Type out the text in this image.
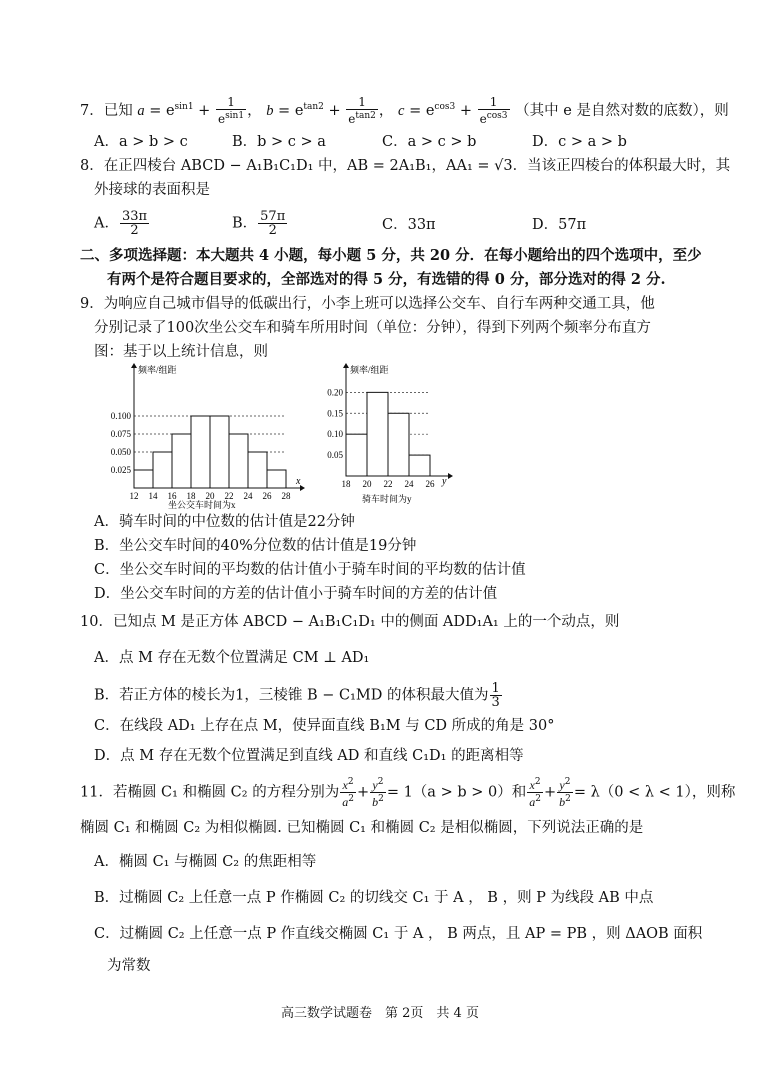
7．已知 $a = e^{sin1} + \frac{1}{e^{sin1}}$ ， $b = e^{tan2} + \frac{1}{e^{tan2}}$ ， $c = e^{cos3} + \frac{1}{e^{cos3}}$ （其中 e 是自然对数的底数），则
A．a > b > c	B．b > c > a	C．a > c > b	D．c > a > b
8．在正四棱台 ABCD − A₁B₁C₁D₁ 中，AB = 2A₁B₁，AA₁ = √3．当该正四棱台的体积最大时，其
外接球的表面积是
A． $\frac{33\pi}{2}$	B． $\frac{57\pi}{2}$	C．33π	D．57π
二、多项选择题：本大题共 4 小题，每小题 5 分，共 20 分．在每小题给出的四个选项中，至少
有两个是符合题目要求的，全部选对的得 5 分，有选错的得 0 分，部分选对的得 2 分.
9．为响应自己城市倡导的低碳出行，小李上班可以选择公交车、自行车两种交通工具，他
分别记录了100次坐公交车和骑车所用时间（单位：分钟），得到下列两个频率分布直方
图：基于以上统计信息，则
0.025
0.050
0.075
0.100
12 14 16 18 20 22 24 26 28
频率/组距
x
坐公交车时间为x
0.05
0.10
0.15
0.20
18 20 22 24 26
频率/组距
y
骑车时间为y
A．骑车时间的中位数的估计值是22分钟
B．坐公交车时间的40%分位数的估计值是19分钟
C．坐公交车时间的平均数的估计值小于骑车时间的平均数的估计值
D．坐公交车时间的方差的估计值小于骑车时间的方差的估计值
10．已知点 M 是正方体 ABCD − A₁B₁C₁D₁ 中的侧面 ADD₁A₁ 上的一个动点，则
A．点 M 存在无数个位置满足 CM ⊥ AD₁
B．若正方体的棱长为1，三棱锥 B − C₁MD 的体积最大值为 $\frac{1}{3}$
C．在线段 AD₁ 上存在点 M，使异面直线 B₁M 与 CD 所成的角是 30°
D．点 M 存在无数个位置满足到直线 AD 和直线 C₁D₁ 的距离相等
11．若椭圆 C₁ 和椭圆 C₂ 的方程分别为 $\frac{x^2}{a^2} + \frac{y^2}{b^2} = 1(a > b > 0)$和 $\frac{x^2}{a^2} + \frac{y^2}{b^2} = \lambda(0 < \lambda < 1)$，则称
椭圆 C₁ 和椭圆 C₂ 为相似椭圆. 已知椭圆 C₁ 和椭圆 C₂ 是相似椭圆，下列说法正确的是
A．椭圆 C₁ 与椭圆 C₂ 的焦距相等
B．过椭圆 C₂ 上任意一点 P 作椭圆 C₂ 的切线交 C₁ 于 A ， B ，则 P 为线段 AB 中点
C．过椭圆 C₂ 上任意一点 P 作直线交椭圆 C₁ 于 A ， B 两点，且 AP = PB ，则 ΔAOB 面积
为常数
高三数学试题卷　第 2页　共 4 页
